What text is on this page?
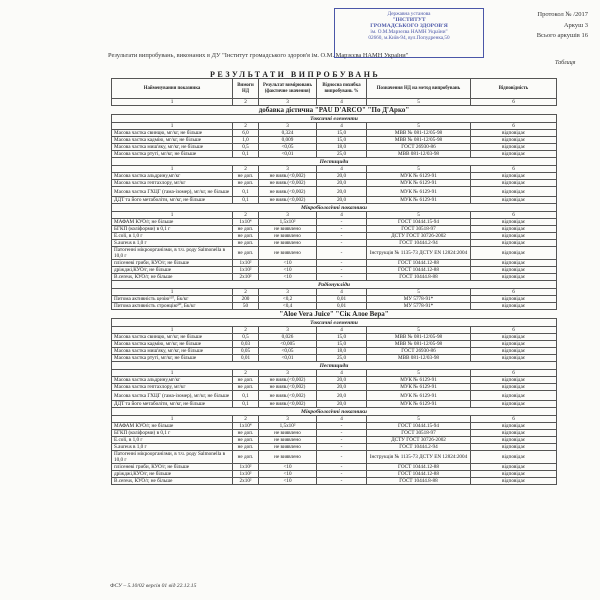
Державна установа
"ІНСТИТУТ
ГРОМАДСЬКОГО ЗДОРОВ'Я
ім. О.М.Марзєєва НАМН України"
02660, м.Київ-94, вул.Попудренка,50
Протокол № /2017
Аркуш 3
Всього аркушів 16
Результати випробувань, виконаних в ДУ "Інститут громадського здоров'я ім. О.М. Марзєєва НАМН України"
Таблиця
РЕЗУЛЬТАТИ ВИПРОБУВАНЬ
Найменування показника	Вимоги НД	Результат вимірювань (фактичне значення)	Відносна похибка випробувань %	Позначення НД на метод випробувань	Відповідність
1	2	3	4	5	6
добавка дієтична "PAU D'ARCO" "По Д'Арко"					
Токсичні елементи					
1	2	3	4	5	6
Масова частка свинцю, мг/кг, не більше	6,0	0,324	15,0	МВВ № 081-12/05-98	відповідає
Масова частка кадмію, мг/кг, не більше	1,0	0,009	15,0	МВВ № 081-12/05-98	відповідає
Масова частка миш'яку, мг/кг, не більше	0,5	<0,05	18,0	ГОСТ 26930-86	відповідає
Масова частка ртуті, мг/кг, не більше	0,1	<0,01	25,0	МВВ 081-12/03-98	відповідає
Пестициди					
1	2	3	4	5	6
Масова частка альдрину,мг/кг	не доп.	не вияв.(<0,002)	20,0	МУК № 6129-91	відповідає
Масова частка гептахлору, мг/кг	не доп.	не вияв.(<0,002)	20,0	МУК № 6129-91	відповідає
Масова частка ГХЦГ (гама-ізомер), мг/кг, не більше	0,1	не вияв.(<0,002)	20,0	МУК № 6129-91	відповідає
ДДТ та його метаболіти, мг/кг, не більше	0,1	не вияв.(<0,002)	20,0	МУК № 6129-91	відповідає
Мікробіологічні показники					
1	2	3	4	5	6
МАФАМ КУО/г, не більше	1x10⁴	1,5x10²	-	ГОСТ 10444.15-94	відповідає
БГКП (коліформи) в 0,1 г	не доп.	не виявлено	-	ГОСТ 30518-97	відповідає
E.coli, в 1,0 г	не доп.	не виявлено	-	ДСТУ ГОСТ 30726-2002	відповідає
S.aureus в 1,0 г	не доп.	не виявлено	-	ГОСТ 10444.2-94	відповідає
Патогенні мікроорганізми, в т.ч. роду Salmonella в 10,0 г	не доп.	не виявлено	-	Інструкція № 1135-73 ДСТУ EN 12824:2004	відповідає
плісеневі гриби, КУО/г, не більше	1x10²	<10	-	ГОСТ 10444.12-88	відповідає
дріжджі,КУО/г, не більше	1x10²	<10	-	ГОСТ 10444.12-88	відповідає
B.cereus, КУО/г, не більше	2x10²	<10	-	ГОСТ 10444.8-88	відповідає
Радіонукліди					
1	2	3	4	5	6
Питома активність цезію¹³⁷, Бк/кг	200	<0,2	0,01	МУ 5778-91*	відповідає
Питома активність стронцію⁹⁰, Бк/кг	50	<0,4	0,01	МУ 5778-91*	відповідає
"Aloe Vera Juice" "Сік Алое Вера"					
Токсичні елементи					
1	2	3	4	5	6
Масова частка свинцю, мг/кг, не більше	0,5	0,026	15,0	МВВ № 081-12/05-98	відповідає
Масова частка кадмію, мг/кг, не більше	0,03	<0,005	15,0	МВВ № 081-12/05-98	відповідає
Масова частка миш'яку, мг/кг, не більше	0,05	<0,05	18,0	ГОСТ 26930-86	відповідає
Масова частка ртуті, мг/кг, не більше	0,01	<0,01	25,0	МВВ 081-12/03-98	відповідає
Пестициди					
1	2	3	4	5	6
Масова частка альдрину,мг/кг	не доп.	не вияв.(<0,002)	20,0	МУК № 6129-91	відповідає
Масова частка гептахлору, мг/кг	не доп.	не вияв.(<0,002)	20,0	МУК № 6129-91	відповідає
Масова частка ГХЦГ (гама-ізомер), мг/кг, не більше	0,1	не вияв.(<0,002)	20,0	МУК № 6129-91	відповідає
ДДТ та його метаболіти, мг/кг, не більше	0,1	не вияв.(<0,002)	20,0	МУК № 6129-91	відповідає
Мікробіологічні показники					
1	2	3	4	5	6
МАФАМ КУО/г, не більше	1x10⁴	1,5x10²	-	ГОСТ 10444.15-94	відповідає
БГКП (коліформи) в 0,1 г	не доп.	не виявлено	-	ГОСТ 30518-97	відповідає
E.coli, в 1,0 г	не доп.	не виявлено	-	ДСТУ ГОСТ 30726-2002	відповідає
S.aureus в 1,0 г	не доп.	не виявлено	-	ГОСТ 10444.2-94	відповідає
Патогенні мікроорганізми, в т.ч. роду Salmonella в 10,0 г	не доп.	не виявлено	-	Інструкція № 1135-73 ДСТУ EN 12824:2004	відповідає
плісеневі гриби, КУО/г, не більше	1x10²	<10	-	ГОСТ 10444.12-88	відповідає
дріжджі,КУО/г, не більше	1x10²	<10	-	ГОСТ 10444.12-88	відповідає
B.cereus, КУО/г, не більше	2x10²	<10	-	ГОСТ 10444.8-88	відповідає
ФСУ – 5.10/02 версія 01 від 22.12.15
